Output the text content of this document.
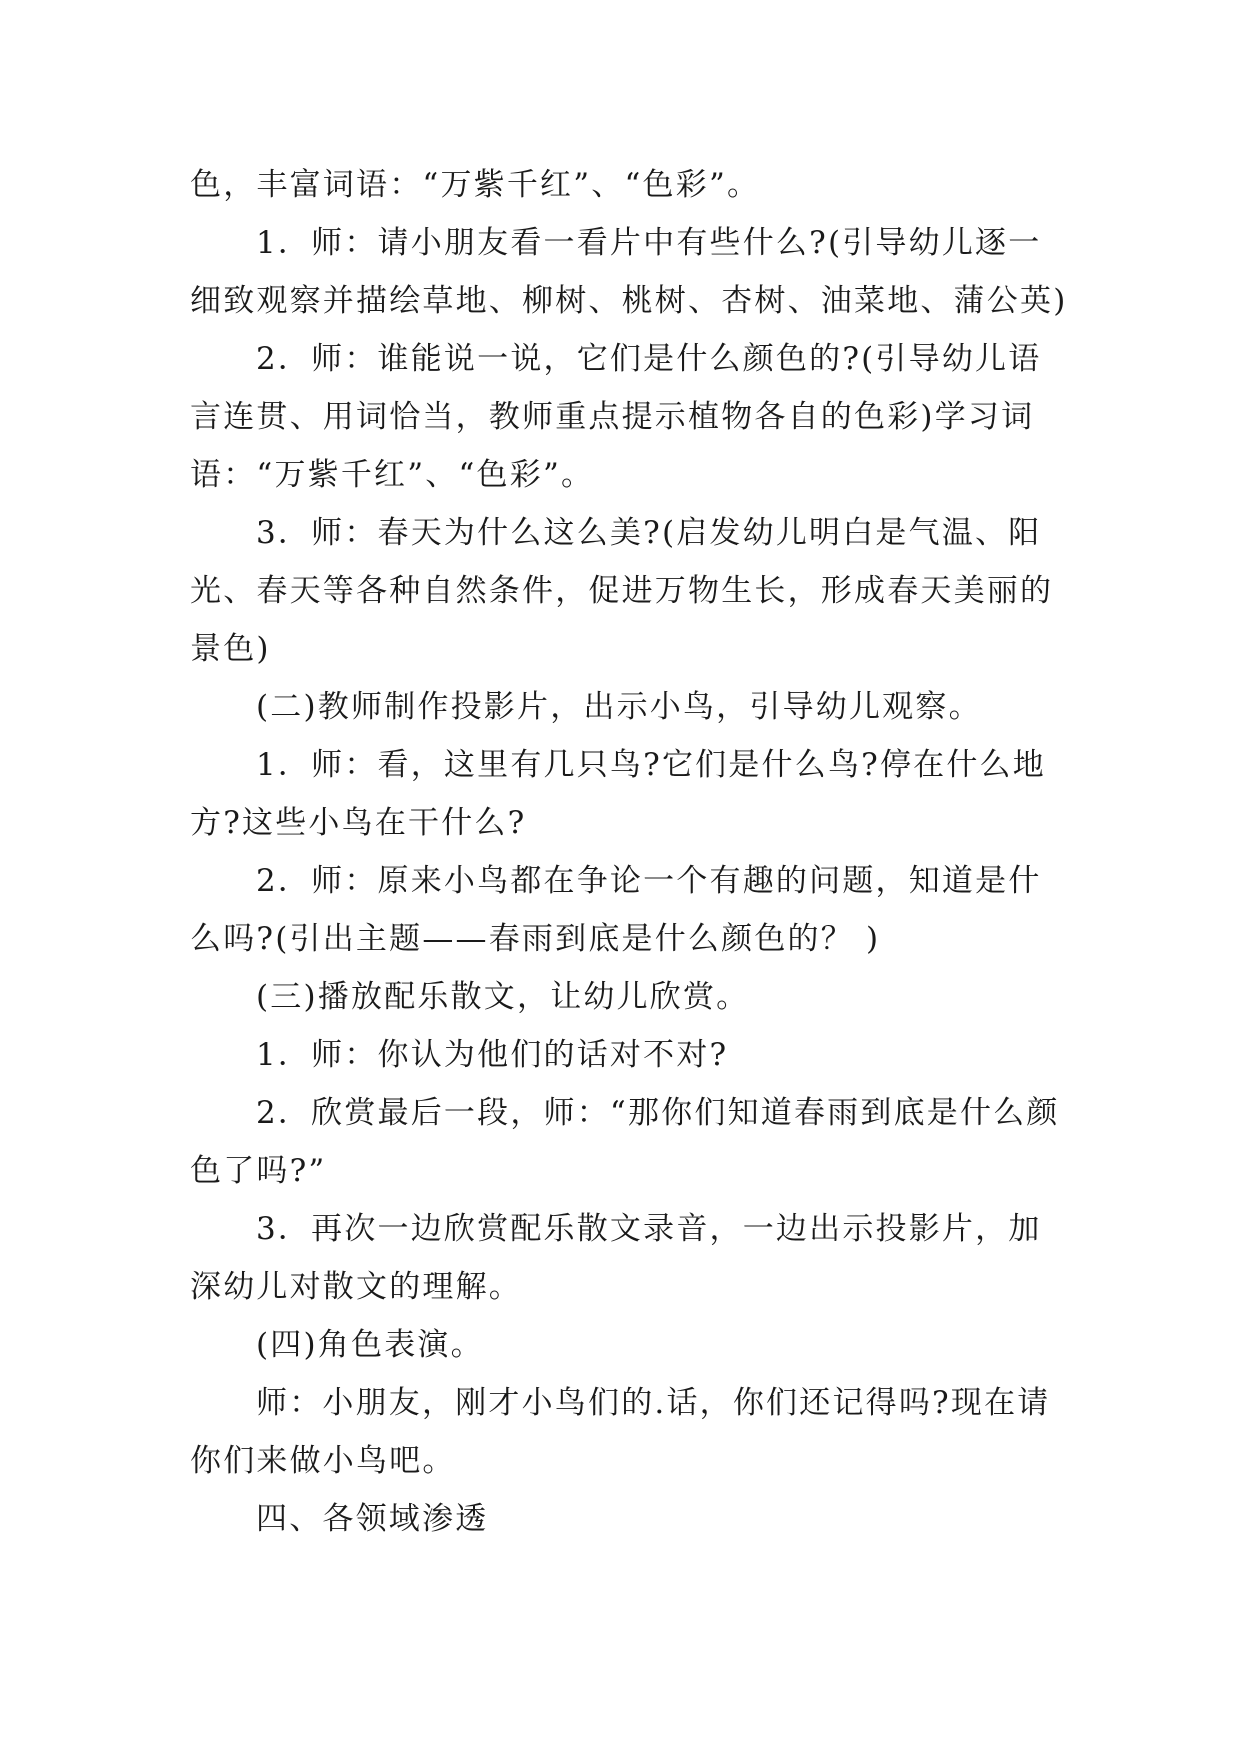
色，丰富词语：“万紫千红”、“色彩”。

1．师：请小朋友看一看片中有些什么?(引导幼儿逐一

细致观察并描绘草地、柳树、桃树、杏树、油菜地、蒲公英)

2．师：谁能说一说，它们是什么颜色的?(引导幼儿语

言连贯、用词恰当，教师重点提示植物各自的色彩)学习词

语：“万紫千红”、“色彩”。

3．师：春天为什么这么美?(启发幼儿明白是气温、阳

光、春天等各种自然条件，促进万物生长，形成春天美丽的

景色)

(二)教师制作投影片，出示小鸟，引导幼儿观察。

1．师：看，这里有几只鸟?它们是什么鸟?停在什么地

方?这些小鸟在干什么?

2．师：原来小鸟都在争论一个有趣的问题，知道是什

么吗?(引出主题——春雨到底是什么颜色的？ )

(三)播放配乐散文，让幼儿欣赏。

1．师：你认为他们的话对不对?

2．欣赏最后一段，师：“那你们知道春雨到底是什么颜

色了吗?”

3．再次一边欣赏配乐散文录音，一边出示投影片，加

深幼儿对散文的理解。

(四)角色表演。

师：小朋友，刚才小鸟们的.话，你们还记得吗?现在请

你们来做小鸟吧。

四、各领域渗透
